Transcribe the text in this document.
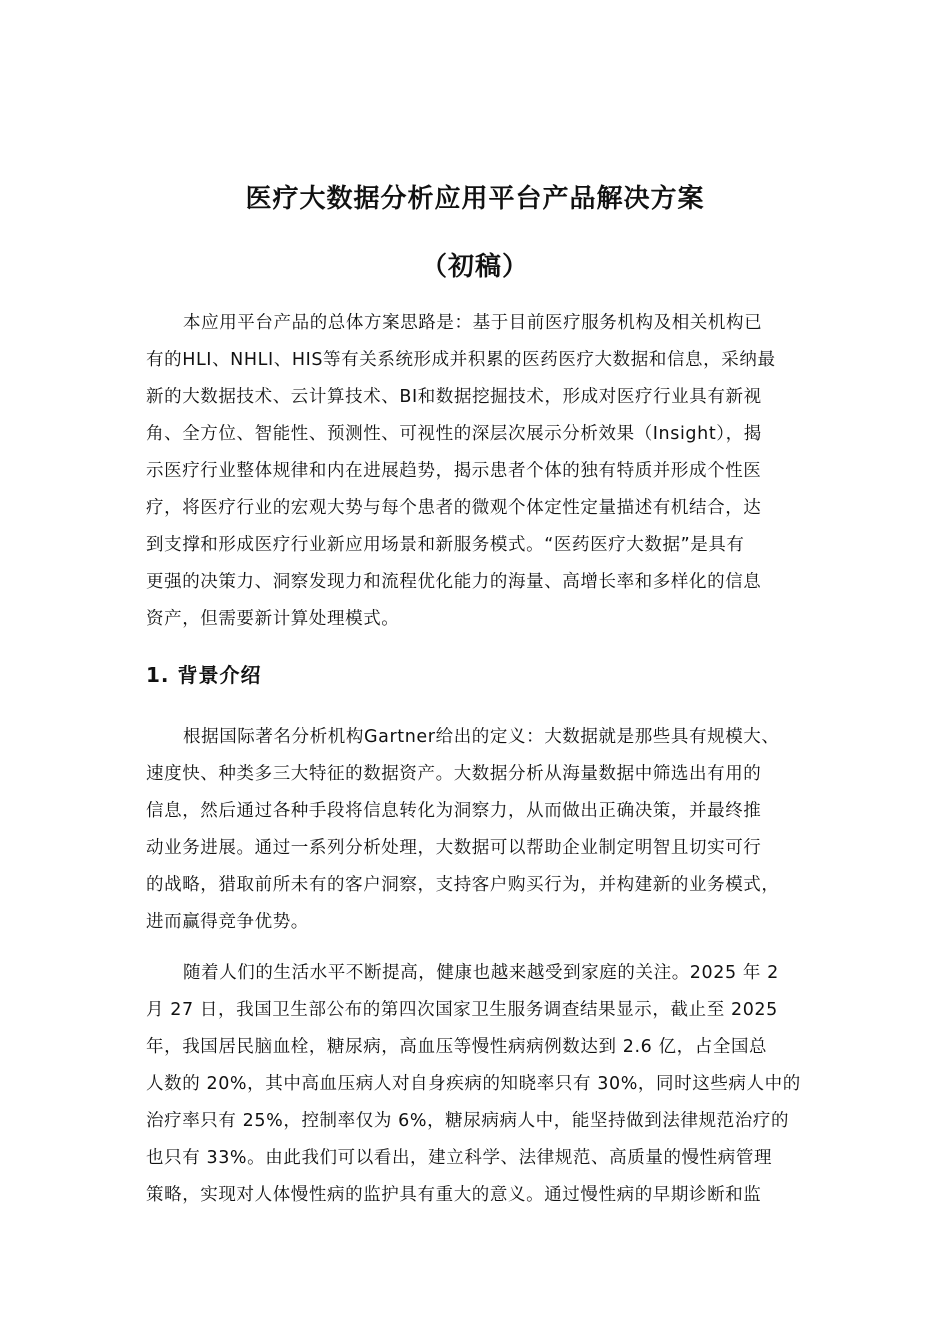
医疗大数据分析应用平台产品解决方案
（初稿）
本应用平台产品的总体方案思路是：基于目前医疗服务机构及相关机构已
有的HLI、NHLI、HIS等有关系统形成并积累的医药医疗大数据和信息，采纳最
新的大数据技术、云计算技术、BI和数据挖掘技术，形成对医疗行业具有新视
角、全方位、智能性、预测性、可视性的深层次展示分析效果（Insight），揭
示医疗行业整体规律和内在进展趋势，揭示患者个体的独有特质并形成个性医
疗，将医疗行业的宏观大势与每个患者的微观个体定性定量描述有机结合，达
到支撑和形成医疗行业新应用场景和新服务模式。“医药医疗大数据”是具有
更强的决策力、洞察发现力和流程优化能力的海量、高增长率和多样化的信息
资产，但需要新计算处理模式。
1. 背景介绍
根据国际著名分析机构Gartner给出的定义：大数据就是那些具有规模大、
速度快、种类多三大特征的数据资产。大数据分析从海量数据中筛选出有用的
信息，然后通过各种手段将信息转化为洞察力，从而做出正确决策，并最终推
动业务进展。通过一系列分析处理，大数据可以帮助企业制定明智且切实可行
的战略，猎取前所未有的客户洞察，支持客户购买行为，并构建新的业务模式，
进而赢得竞争优势。
随着人们的生活水平不断提高，健康也越来越受到家庭的关注。2025 年 2
月 27 日，我国卫生部公布的第四次国家卫生服务调查结果显示，截止至 2025
年，我国居民脑血栓，糖尿病，高血压等慢性病病例数达到 2.6 亿，占全国总
人数的 20%，其中高血压病人对自身疾病的知晓率只有 30%，同时这些病人中的
治疗率只有 25%，控制率仅为 6%，糖尿病病人中，能坚持做到法律规范治疗的
也只有 33%。由此我们可以看出，建立科学、法律规范、高质量的慢性病管理
策略，实现对人体慢性病的监护具有重大的意义。通过慢性病的早期诊断和监
